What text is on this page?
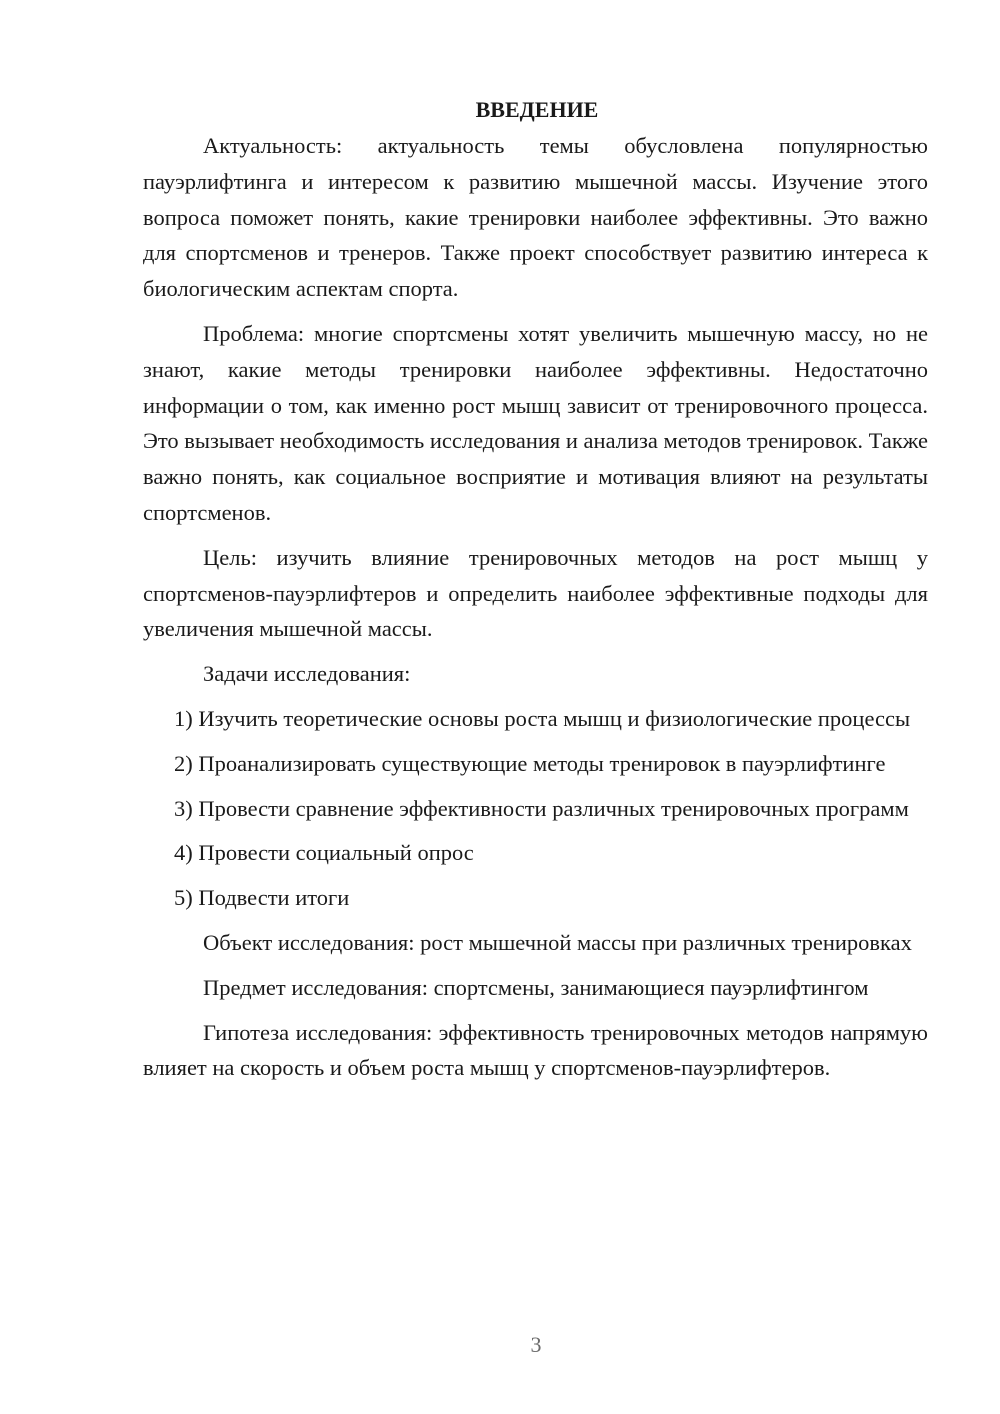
ВВЕДЕНИЕ

Актуальность: актуальность темы обусловлена популярностью пауэрлифтинга и интересом к развитию мышечной массы. Изучение этого вопроса поможет понять, какие тренировки наиболее эффективны. Это важно для спортсменов и тренеров. Также проект способствует развитию интереса к биологическим аспектам спорта.

Проблема: многие спортсмены хотят увеличить мышечную массу, но не знают, какие методы тренировки наиболее эффективны. Недостаточно информации о том, как именно рост мышц зависит от тренировочного процесса. Это вызывает необходимость исследования и анализа методов тренировок. Также важно понять, как социальное восприятие и мотивация влияют на результаты спортсменов.

Цель: изучить влияние тренировочных методов на рост мышц у спортсменов-пауэрлифтеров и определить наиболее эффективные подходы для увеличения мышечной массы.

Задачи исследования:

1) Изучить теоретические основы роста мышц и физиологические процессы

2) Проанализировать существующие методы тренировок в пауэрлифтинге

3) Провести сравнение эффективности различных тренировочных программ

4) Провести социальный опрос

5) Подвести итоги

Объект исследования: рост мышечной массы при различных тренировках

Предмет исследования: спортсмены, занимающиеся пауэрлифтингом

Гипотеза исследования: эффективность тренировочных методов напрямую влияет на скорость и объем роста мышц у спортсменов-пауэрлифтеров.

3
